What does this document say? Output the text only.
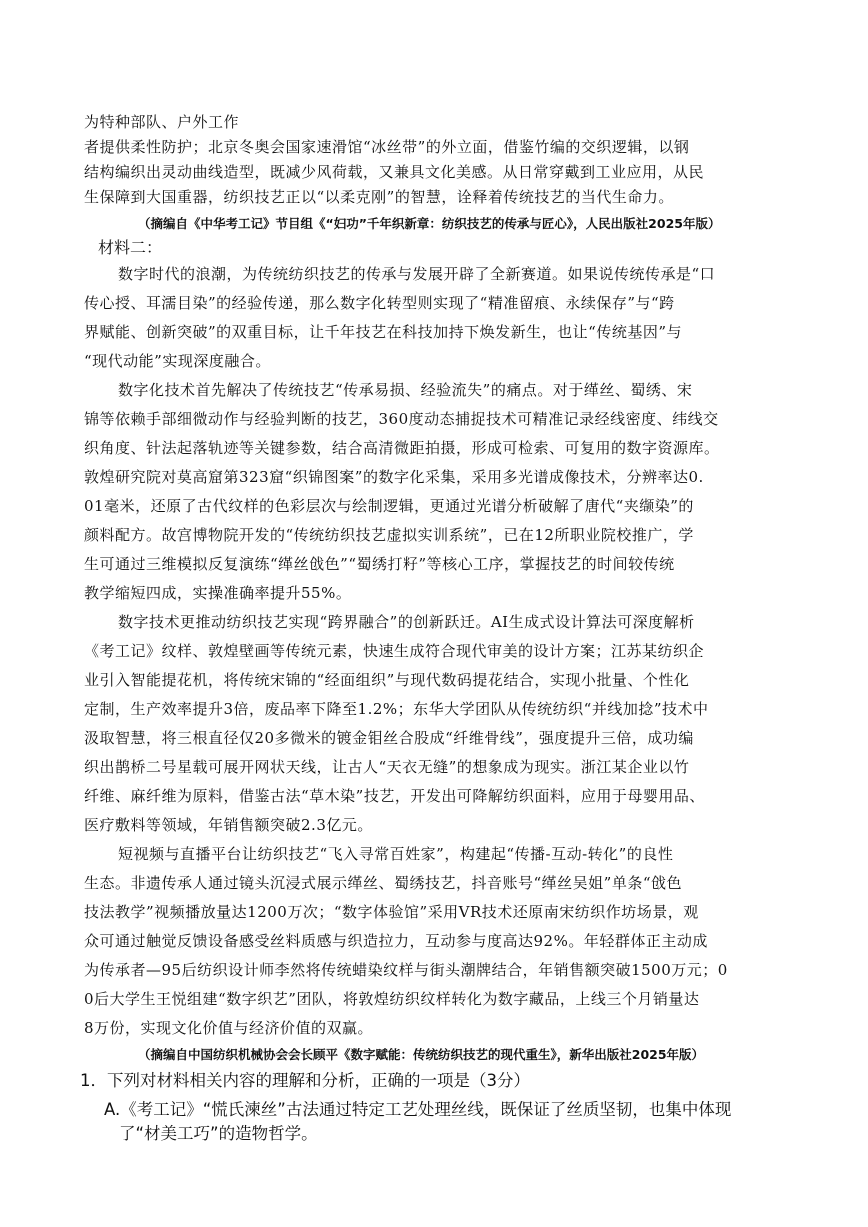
为特种部队、户外工作
者提供柔性防护；北京冬奥会国家速滑馆“冰丝带”的外立面，借鉴竹编的交织逻辑，以钢
结构编织出灵动曲线造型，既减少风荷载，又兼具文化美感。从日常穿戴到工业应用，从民
生保障到大国重器，纺织技艺正以“以柔克刚”的智慧，诠释着传统技艺的当代生命力。
（摘编自《中华考工记》节目组《“妇功”千年织新章：纺织技艺的传承与匠心》，人民出版社2025年版）
材料二：
数字时代的浪潮，为传统纺织技艺的传承与发展开辟了全新赛道。如果说传统传承是“口
传心授、耳濡目染”的经验传递，那么数字化转型则实现了“精准留痕、永续保存”与“跨
界赋能、创新突破”的双重目标，让千年技艺在科技加持下焕发新生，也让“传统基因”与
“现代动能”实现深度融合。
数字化技术首先解决了传统技艺“传承易损、经验流失”的痛点。对于缂丝、蜀绣、宋
锦等依赖手部细微动作与经验判断的技艺，360度动态捕捉技术可精准记录经线密度、纬线交
织角度、针法起落轨迹等关键参数，结合高清微距拍摄，形成可检索、可复用的数字资源库。
敦煌研究院对莫高窟第323窟“织锦图案”的数字化采集，采用多光谱成像技术，分辨率达0.
01毫米，还原了古代纹样的色彩层次与绘制逻辑，更通过光谱分析破解了唐代“夹缬染”的
颜料配方。故宫博物院开发的“传统纺织技艺虚拟实训系统”，已在12所职业院校推广，学
生可通过三维模拟反复演练“缂丝戗色”“蜀绣打籽”等核心工序，掌握技艺的时间较传统
教学缩短四成，实操准确率提升55%。
数字技术更推动纺织技艺实现“跨界融合”的创新跃迁。AI生成式设计算法可深度解析
《考工记》纹样、敦煌壁画等传统元素，快速生成符合现代审美的设计方案；江苏某纺织企
业引入智能提花机，将传统宋锦的“经面组织”与现代数码提花结合，实现小批量、个性化
定制，生产效率提升3倍，废品率下降至1.2%；东华大学团队从传统纺织“并线加捻”技术中
汲取智慧，将三根直径仅20多微米的镀金钼丝合股成“纤维骨线”，强度提升三倍，成功编
织出鹊桥二号星载可展开网状天线，让古人“天衣无缝”的想象成为现实。浙江某企业以竹
纤维、麻纤维为原料，借鉴古法“草木染”技艺，开发出可降解纺织面料，应用于母婴用品、
医疗敷料等领域，年销售额突破2.3亿元。
短视频与直播平台让纺织技艺“飞入寻常百姓家”，构建起“传播-互动-转化”的良性
生态。非遗传承人通过镜头沉浸式展示缂丝、蜀绣技艺，抖音账号“缂丝吴姐”单条“戗色
技法教学”视频播放量达1200万次；“数字体验馆”采用VR技术还原南宋纺织作坊场景，观
众可通过触觉反馈设备感受丝料质感与织造拉力，互动参与度高达92%。年轻群体正主动成
为传承者—95后纺织设计师李然将传统蜡染纹样与街头潮牌结合，年销售额突破1500万元；0
0后大学生王悦组建“数字织艺”团队，将敦煌纺织纹样转化为数字藏品，上线三个月销量达
8万份，实现文化价值与经济价值的双赢。
（摘编自中国纺织机械协会会长顾平《数字赋能：传统纺织技艺的现代重生》，新华出版社2025年版）
1．下列对材料相关内容的理解和分析，正确的一项是（3分）
A.《考工记》“慌氏湅丝”古法通过特定工艺处理丝线，既保证了丝质坚韧，也集中体现
了“材美工巧”的造物哲学。
